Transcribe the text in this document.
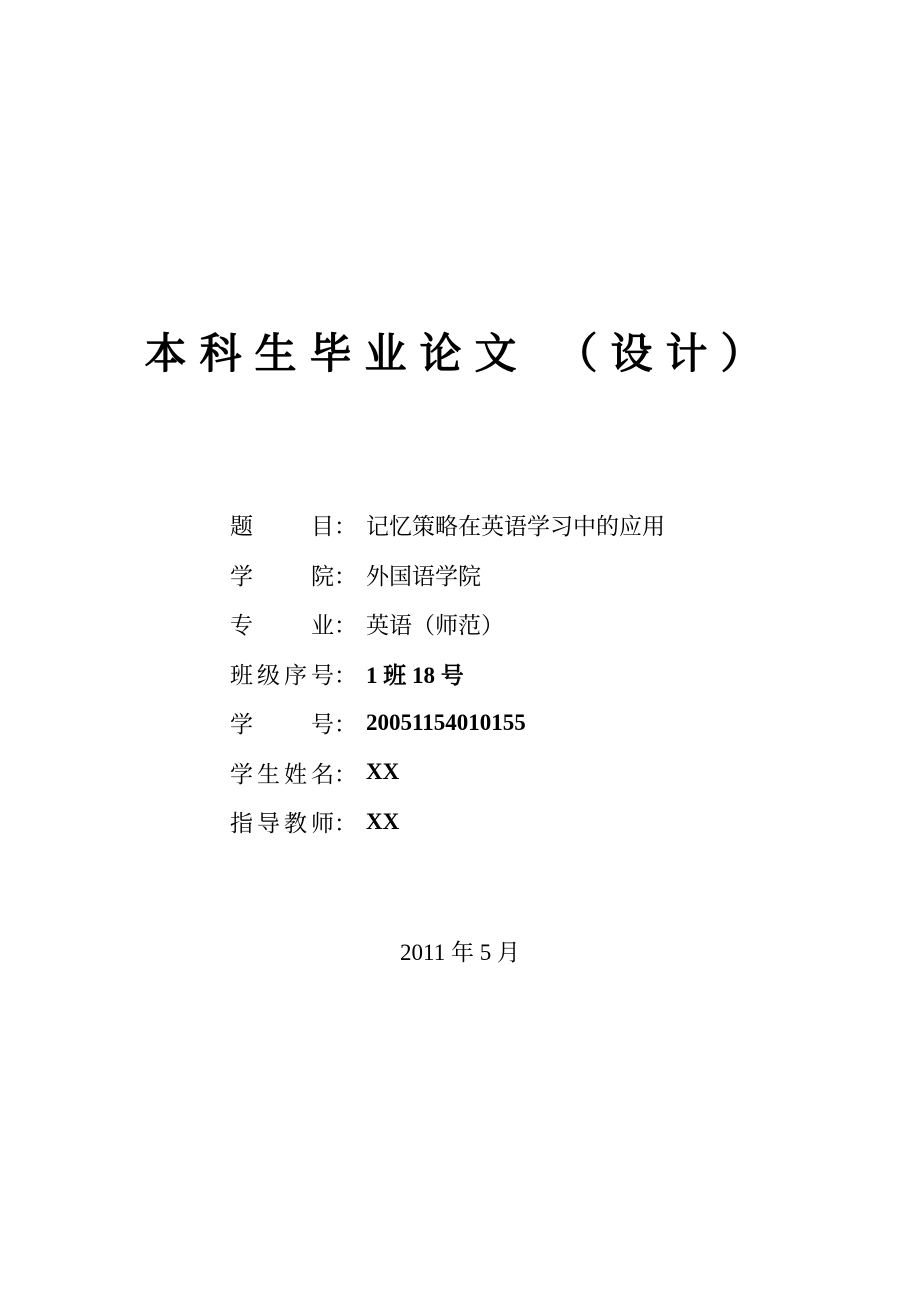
本科生毕业论文 （设计）
题	目 ： 记忆策略在英语学习中的应用
学	院 ： 外国语学院
专	业 ： 英语（师范）
班 级 序 号 ： 1 班 18 号
学	号 ： 20051154010155
学 生 姓 名 ： XX
指 导 教 师 ： XX
2011 年 5 月
